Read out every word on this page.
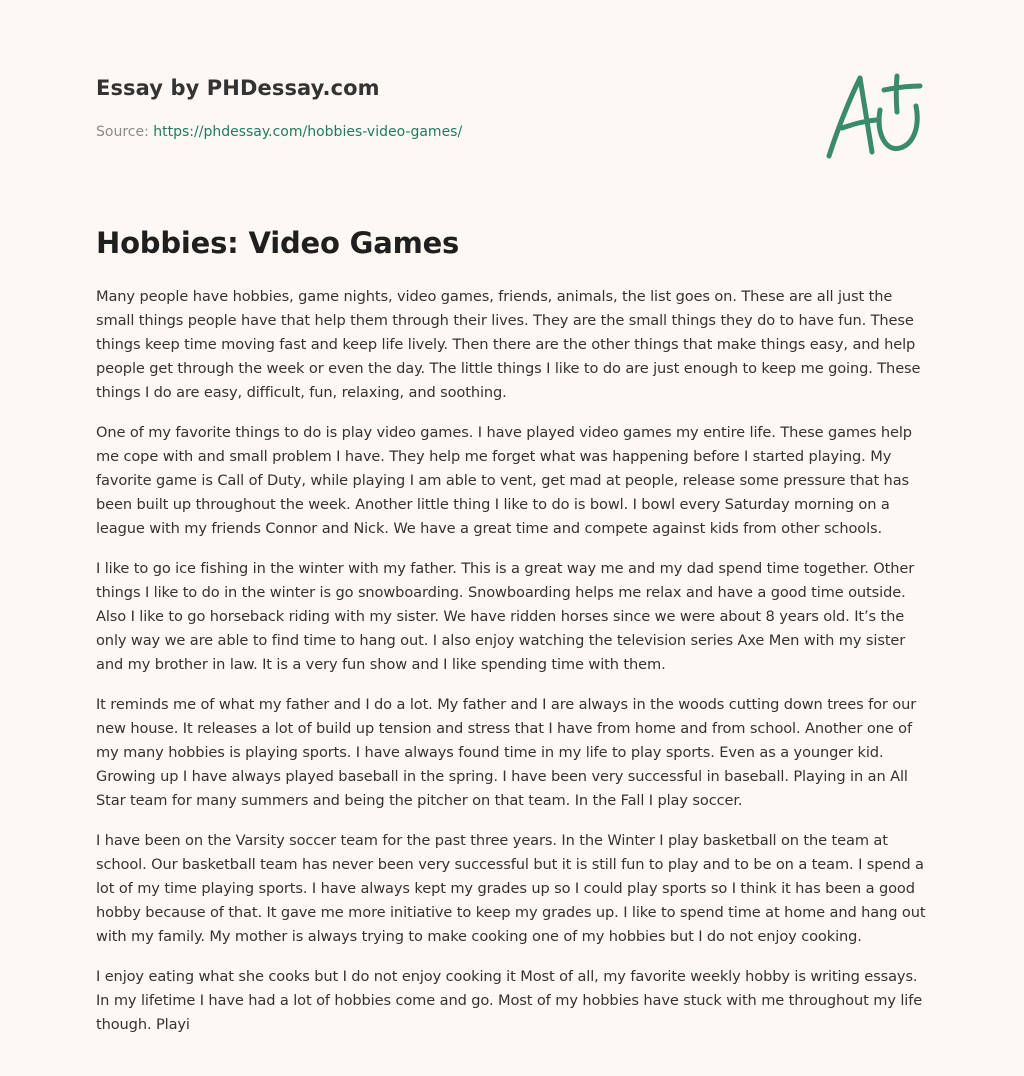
Essay by PHDessay.com
Source: https://phdessay.com/hobbies-video-games/
Hobbies: Video Games

Many people have hobbies, game nights, video games, friends, animals, the list goes on. These are all just the small things people have that help them through their lives. They are the small things they do to have fun. These things keep time moving fast and keep life lively. Then there are the other things that make things easy, and help people get through the week or even the day. The little things I like to do are just enough to keep me going. These things I do are easy, difficult, fun, relaxing, and soothing.

One of my favorite things to do is play video games. I have played video games my entire life. These games help me cope with and small problem I have. They help me forget what was happening before I started playing. My favorite game is Call of Duty, while playing I am able to vent, get mad at people, release some pressure that has been built up throughout the week. Another little thing I like to do is bowl. I bowl every Saturday morning on a league with my friends Connor and Nick. We have a great time and compete against kids from other schools.

I like to go ice fishing in the winter with my father. This is a great way me and my dad spend time together. Other things I like to do in the winter is go snowboarding. Snowboarding helps me relax and have a good time outside. Also I like to go horseback riding with my sister. We have ridden horses since we were about 8 years old. It’s the only way we are able to find time to hang out. I also enjoy watching the television series Axe Men with my sister and my brother in law. It is a very fun show and I like spending time with them.

It reminds me of what my father and I do a lot. My father and I are always in the woods cutting down trees for our new house. It releases a lot of build up tension and stress that I have from home and from school. Another one of my many hobbies is playing sports. I have always found time in my life to play sports. Even as a younger kid. Growing up I have always played baseball in the spring. I have been very successful in baseball. Playing in an All Star team for many summers and being the pitcher on that team. In the Fall I play soccer.

I have been on the Varsity soccer team for the past three years. In the Winter I play basketball on the team at school. Our basketball team has never been very successful but it is still fun to play and to be on a team. I spend a lot of my time playing sports. I have always kept my grades up so I could play sports so I think it has been a good hobby because of that. It gave me more initiative to keep my grades up. I like to spend time at home and hang out with my family. My mother is always trying to make cooking one of my hobbies but I do not enjoy cooking.

I enjoy eating what she cooks but I do not enjoy cooking it Most of all, my favorite weekly hobby is writing essays. In my lifetime I have had a lot of hobbies come and go. Most of my hobbies have stuck with me throughout my life though. Playi
